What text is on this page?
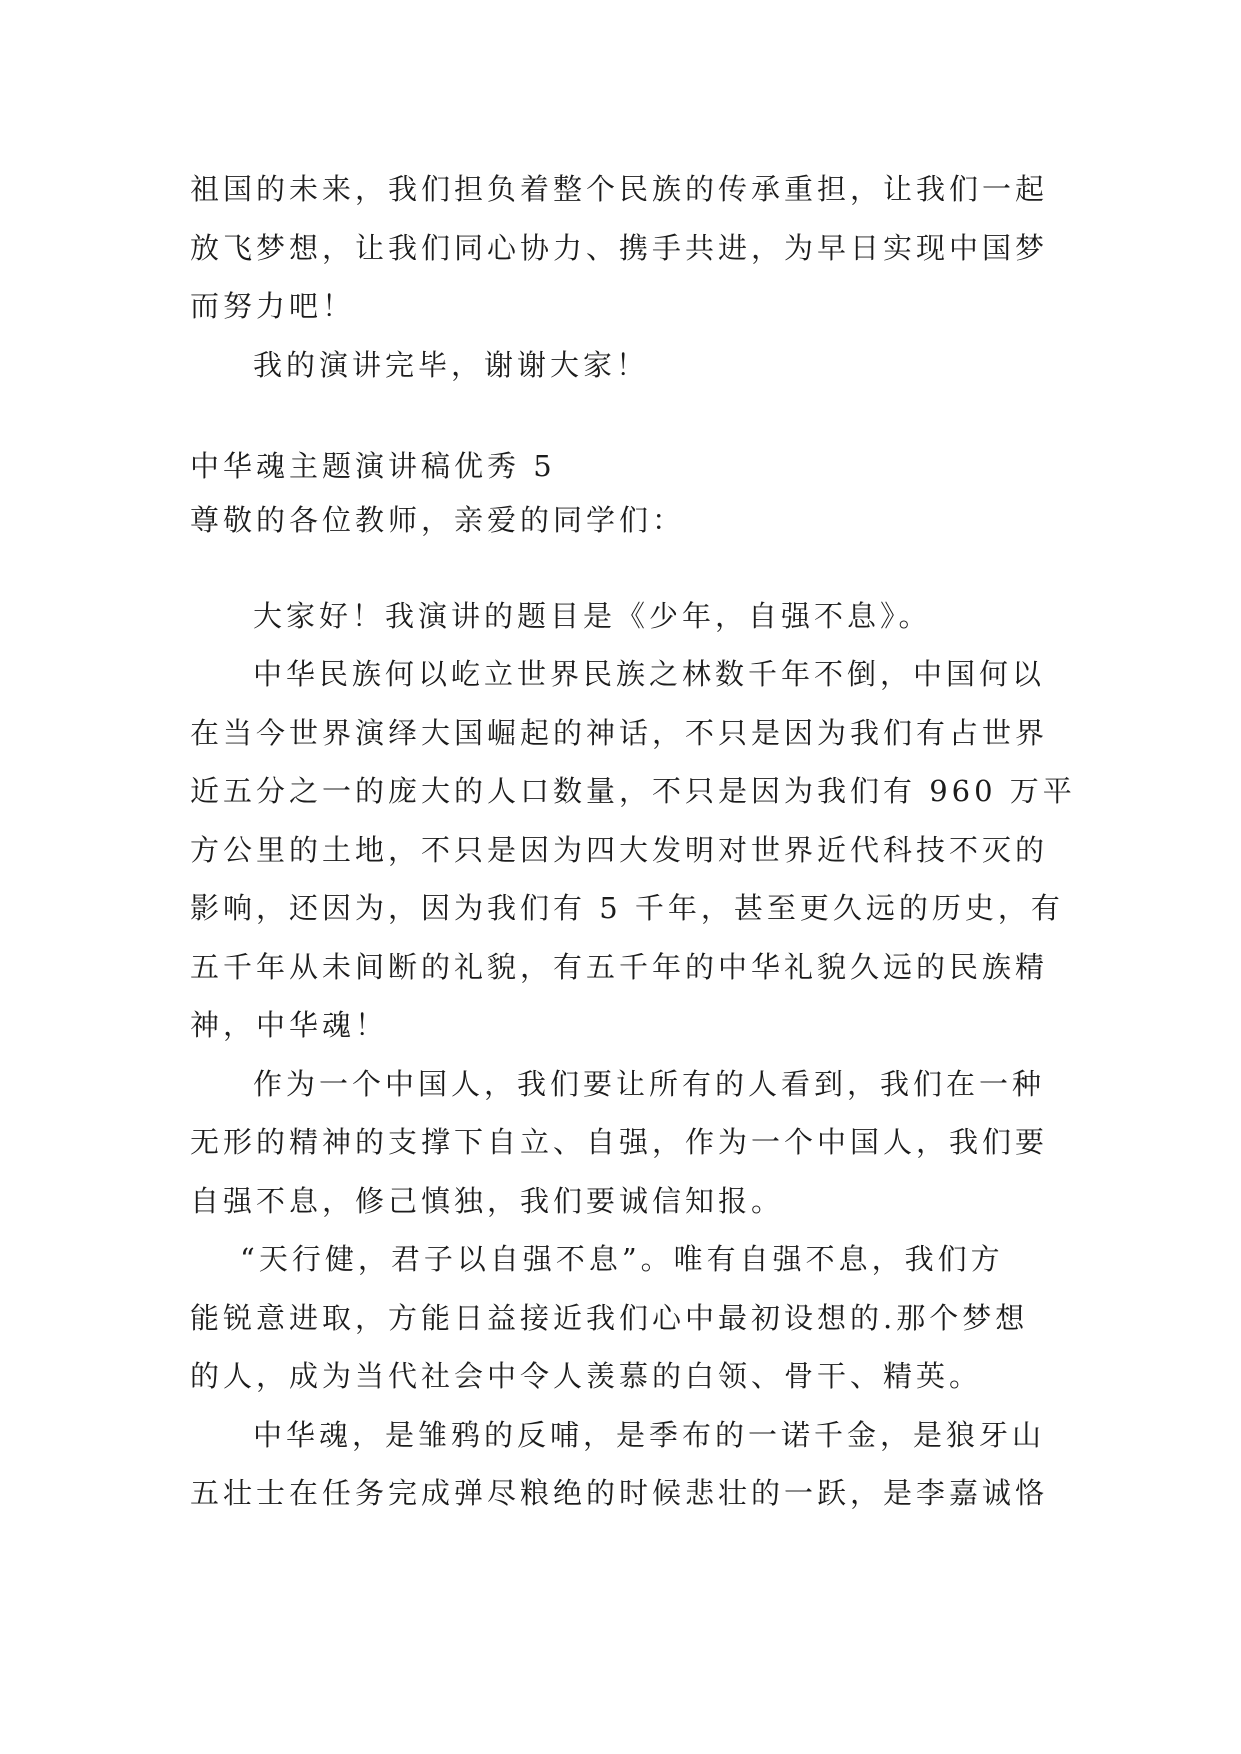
祖国的未来，我们担负着整个民族的传承重担，让我们一起
放飞梦想，让我们同心协力、携手共进，为早日实现中国梦
而努力吧！
我的演讲完毕，谢谢大家！
中华魂主题演讲稿优秀 5
尊敬的各位教师，亲爱的同学们：
大家好！我演讲的题目是《少年，自强不息》。
中华民族何以屹立世界民族之林数千年不倒，中国何以
在当今世界演绎大国崛起的神话，不只是因为我们有占世界
近五分之一的庞大的人口数量，不只是因为我们有 960 万平
方公里的土地，不只是因为四大发明对世界近代科技不灭的
影响，还因为，因为我们有 5 千年，甚至更久远的历史，有
五千年从未间断的礼貌，有五千年的中华礼貌久远的民族精
神，中华魂！
作为一个中国人，我们要让所有的人看到，我们在一种
无形的精神的支撑下自立、自强，作为一个中国人，我们要
自强不息，修己慎独，我们要诚信知报。
“天行健，君子以自强不息”。唯有自强不息，我们方
能锐意进取，方能日益接近我们心中最初设想的.那个梦想
的人，成为当代社会中令人羡慕的白领、骨干、精英。
中华魂，是雏鸦的反哺，是季布的一诺千金，是狼牙山
五壮士在任务完成弹尽粮绝的时候悲壮的一跃，是李嘉诚恪
